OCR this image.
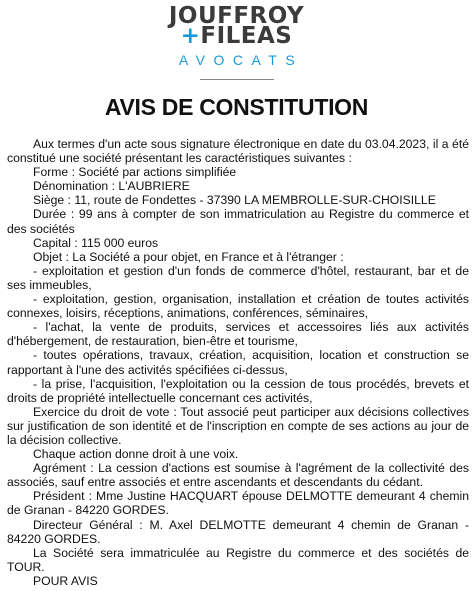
JOUFFROY
+FILEAS
AVOCATS
AVIS DE CONSTITUTION

Aux termes d'un acte sous signature électronique en date du 03.04.2023, il a été constitué une société présentant les caractéristiques suivantes :

Forme : Société par actions simplifiée

Dénomination : L'AUBRIERE

Siège : 11, route de Fondettes - 37390 LA MEMBROLLE-SUR-CHOISILLE

Durée : 99 ans à compter de son immatriculation au Registre du commerce et des sociétés

Capital : 115 000 euros

Objet : La Société a pour objet, en France et à l'étranger :

- exploitation et gestion d'un fonds de commerce d'hôtel, restaurant, bar et de ses immeubles,

- exploitation, gestion, organisation, installation et création de toutes activités connexes, loisirs, réceptions, animations, conférences, séminaires,

- l'achat, la vente de produits, services et accessoires liés aux activités d'hébergement, de restauration, bien-être et tourisme,

- toutes opérations, travaux, création, acquisition, location et construction se rapportant à l'une des activités spécifiées ci-dessus,

- la prise, l'acquisition, l'exploitation ou la cession de tous procédés, brevets et droits de propriété intellectuelle concernant ces activités,

Exercice du droit de vote : Tout associé peut participer aux décisions collectives sur justification de son identité et de l'inscription en compte de ses actions au jour de la décision collective.

Chaque action donne droit à une voix.

Agrément : La cession d'actions est soumise à l'agrément de la collectivité des associés, sauf entre associés et entre ascendants et descendants du cédant.

Président : Mme Justine HACQUART épouse DELMOTTE demeurant 4 chemin de Granan - 84220 GORDES.

Directeur Général : M. Axel DELMOTTE demeurant 4 chemin de Granan - 84220 GORDES.

La Société sera immatriculée au Registre du commerce et des sociétés de TOUR.

POUR AVIS
